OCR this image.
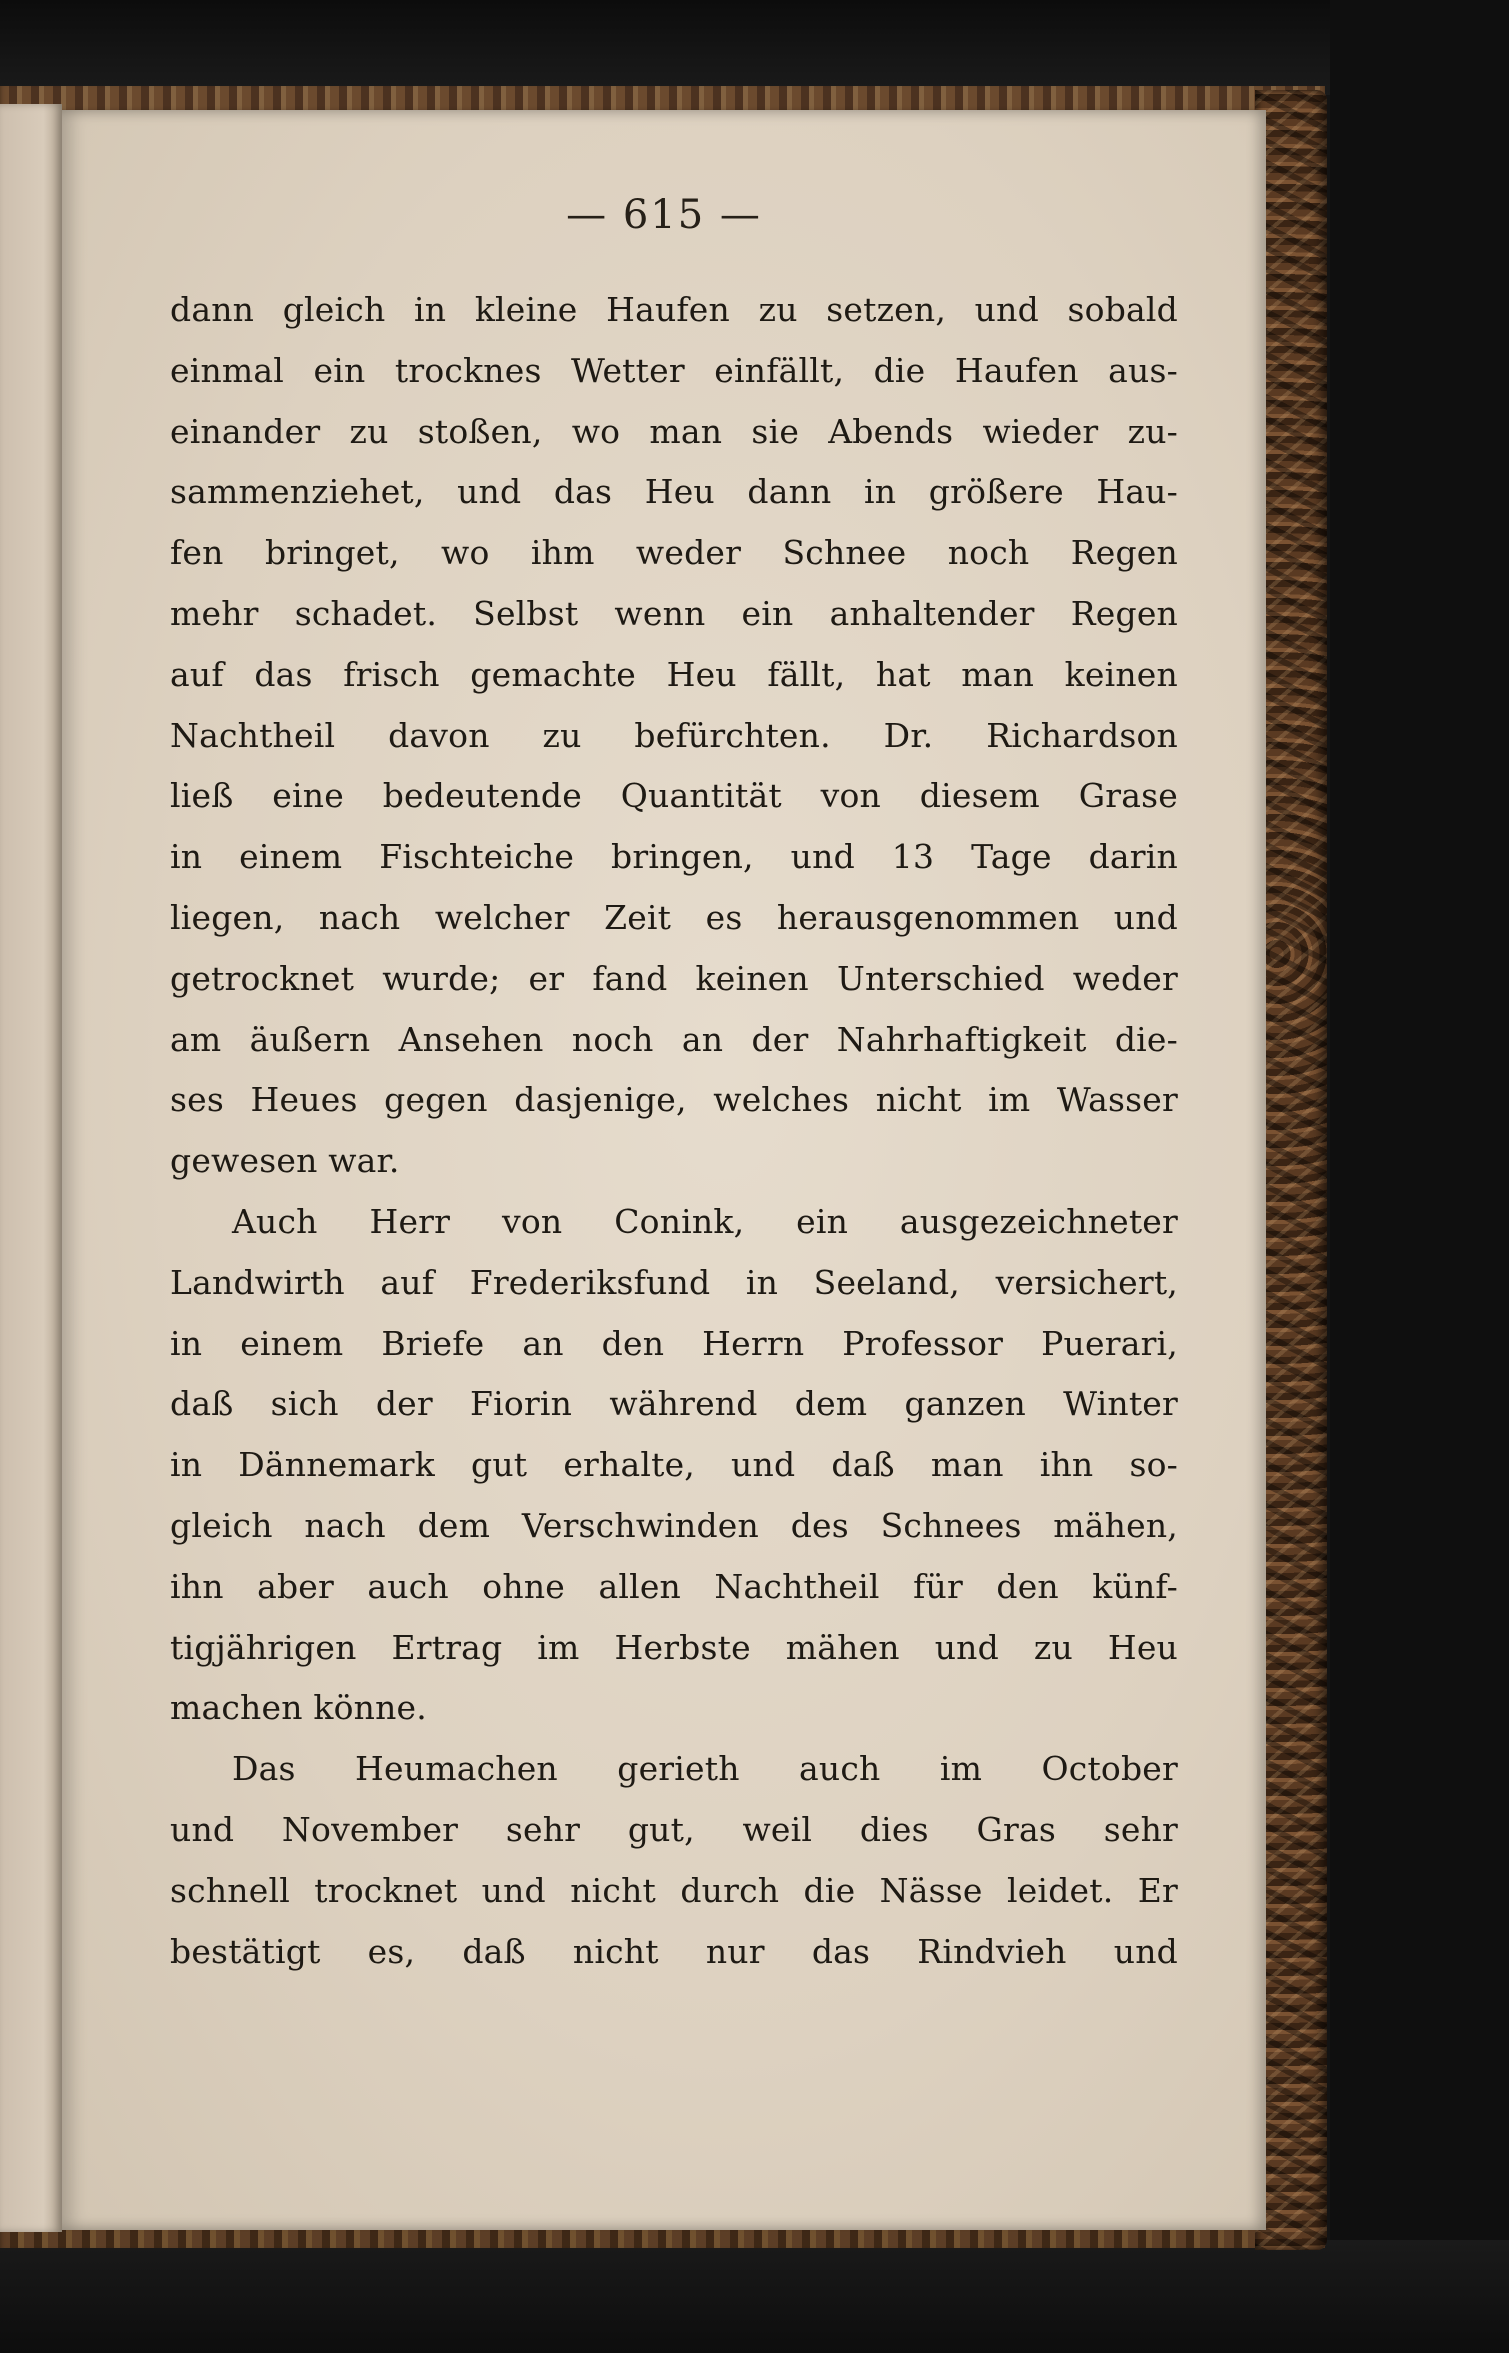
— 615 —
dann gleich in kleine Haufen zu setzen, und sobald
einmal ein trocknes Wetter einfällt, die Haufen aus-
einander zu stoßen, wo man sie Abends wieder zu-
sammenziehet, und das Heu dann in größere Hau-
fen bringet, wo ihm weder Schnee noch Regen
mehr schadet. Selbst wenn ein anhaltender Regen
auf das frisch gemachte Heu fällt, hat man keinen
Nachtheil davon zu befürchten. Dr. Richardson
ließ eine bedeutende Quantität von diesem Grase
in einem Fischteiche bringen, und 13 Tage darin
liegen, nach welcher Zeit es herausgenommen und
getrocknet wurde; er fand keinen Unterschied weder
am äußern Ansehen noch an der Nahrhaftigkeit die-
ses Heues gegen dasjenige, welches nicht im Wasser
gewesen war.
Auch Herr von Conink, ein ausgezeichneter
Landwirth auf Frederiksfund in Seeland, versichert,
in einem Briefe an den Herrn Professor Puerari,
daß sich der Fiorin während dem ganzen Winter
in Dännemark gut erhalte, und daß man ihn so-
gleich nach dem Verschwinden des Schnees mähen,
ihn aber auch ohne allen Nachtheil für den künf-
tigjährigen Ertrag im Herbste mähen und zu Heu
machen könne.
Das Heumachen gerieth auch im October
und November sehr gut, weil dies Gras sehr
schnell trocknet und nicht durch die Nässe leidet. Er
bestätigt es, daß nicht nur das Rindvieh und
